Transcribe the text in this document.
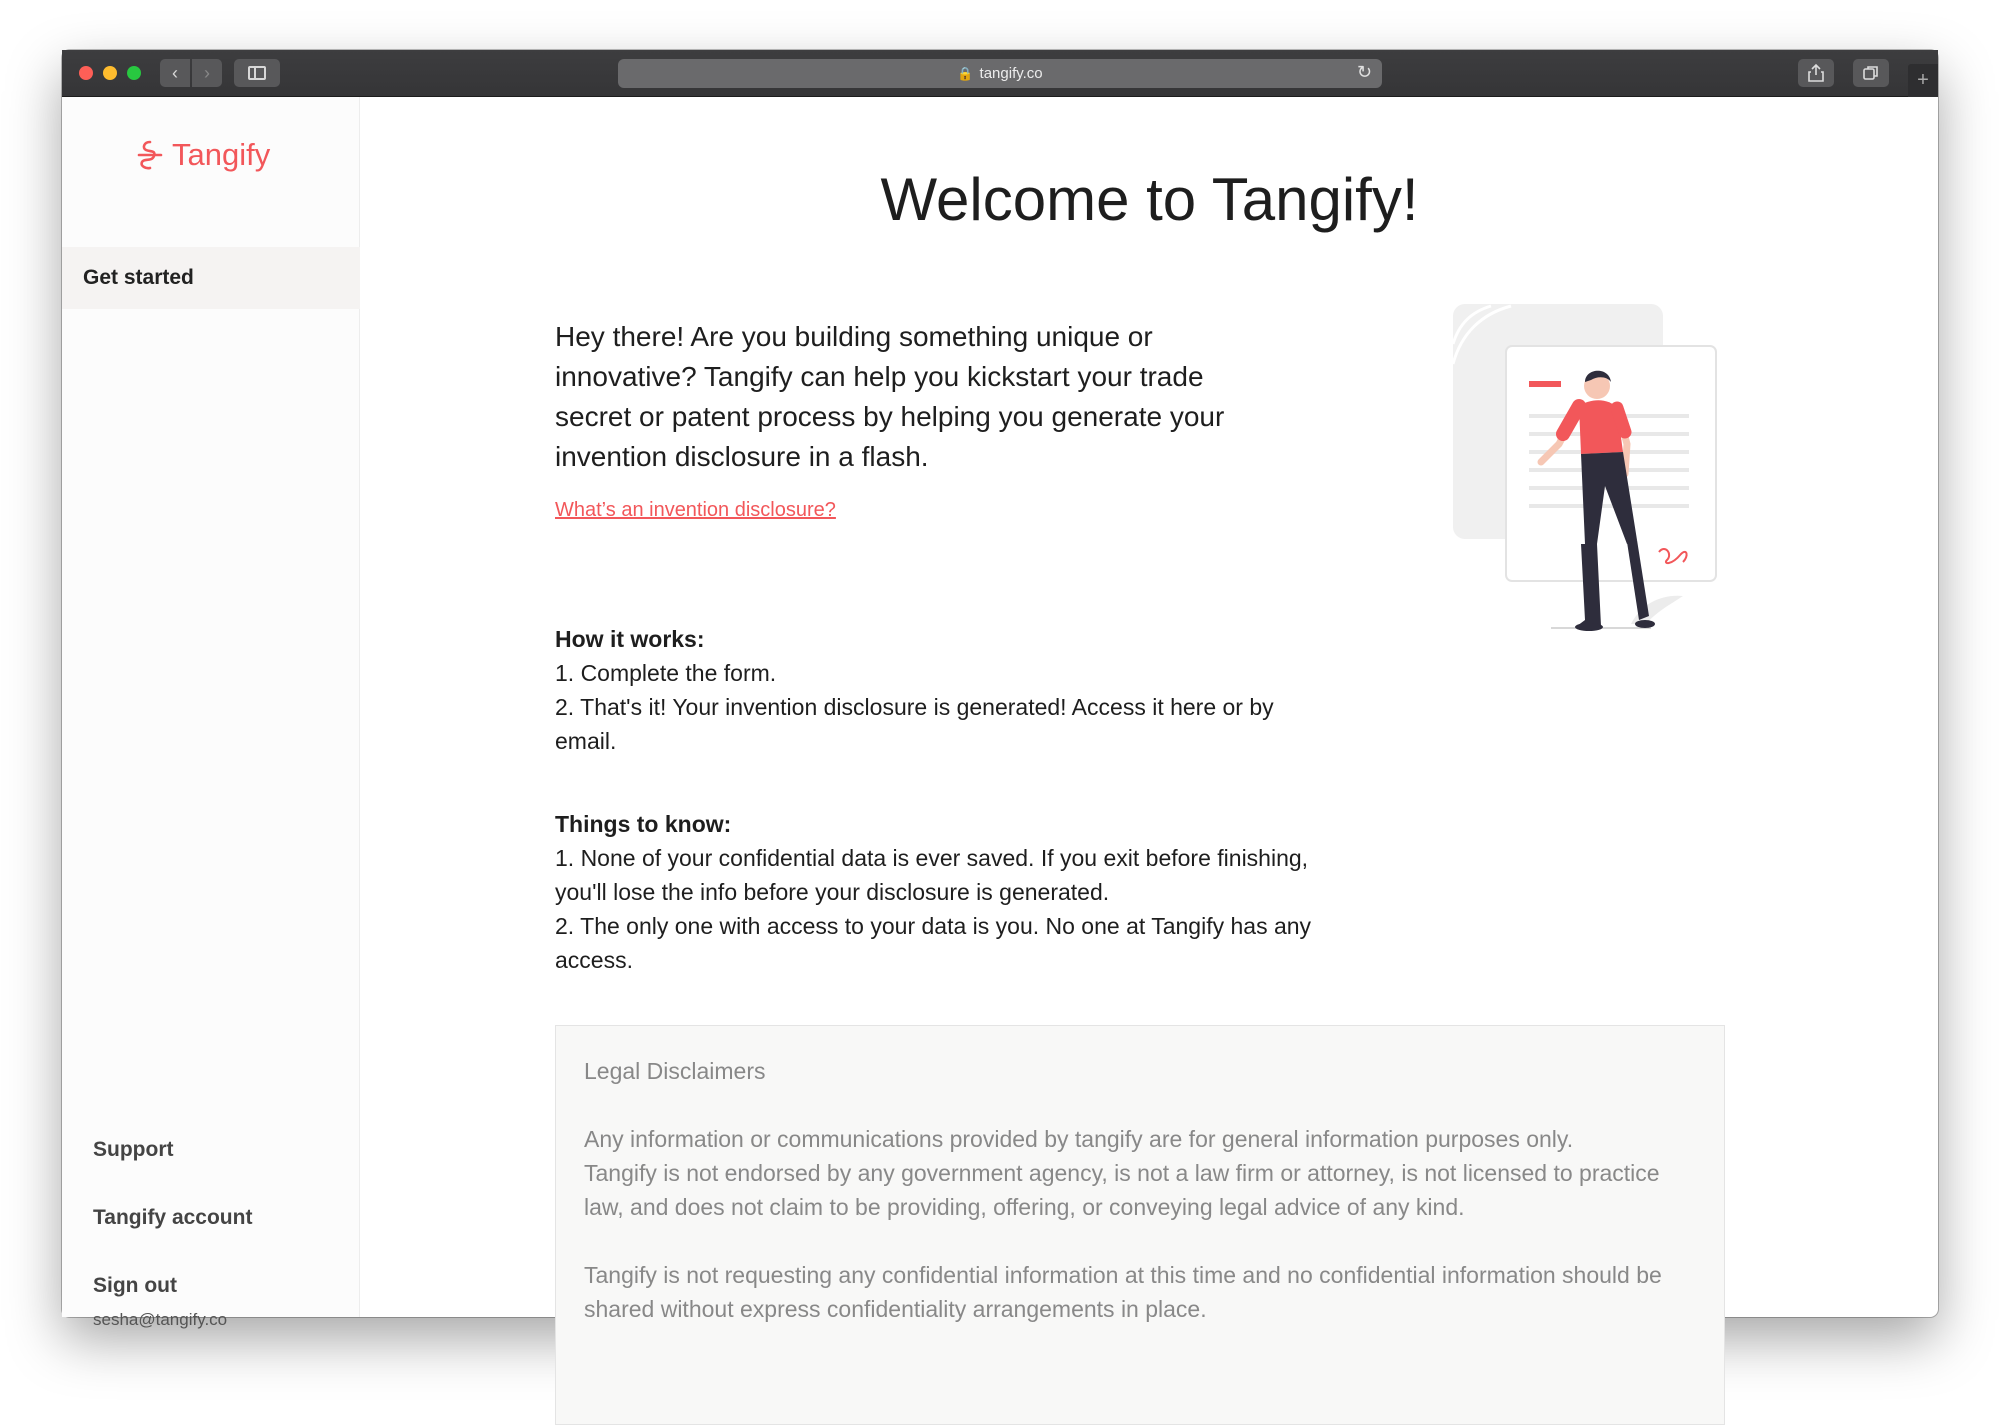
‹ ›	🔒 tangify.co	↻	+
Tangify
Get started
Support
Tangify account
Sign out
sesha@tangify.co
Welcome to Tangify!

Hey there! Are you building something unique or innovative? Tangify can help you kickstart your trade secret or patent process by helping you generate your invention disclosure in a flash.

What’s an invention disclosure?
How it works:

1. Complete the form.

2. That's it! Your invention disclosure is generated! Access it here or by email.

Things to know:

1. None of your confidential data is ever saved. If you exit before finishing, you'll lose the info before your disclosure is generated.

2. The only one with access to your data is you. No one at Tangify has any access.

Legal Disclaimers

Any information or communications provided by tangify are for general information purposes only.

Tangify is not endorsed by any government agency, is not a law firm or attorney, is not licensed to practice law, and does not claim to be providing, offering, or conveying legal advice of any kind.

Tangify is not requesting any confidential information at this time and no confidential information should be shared without express confidentiality arrangements in place.
